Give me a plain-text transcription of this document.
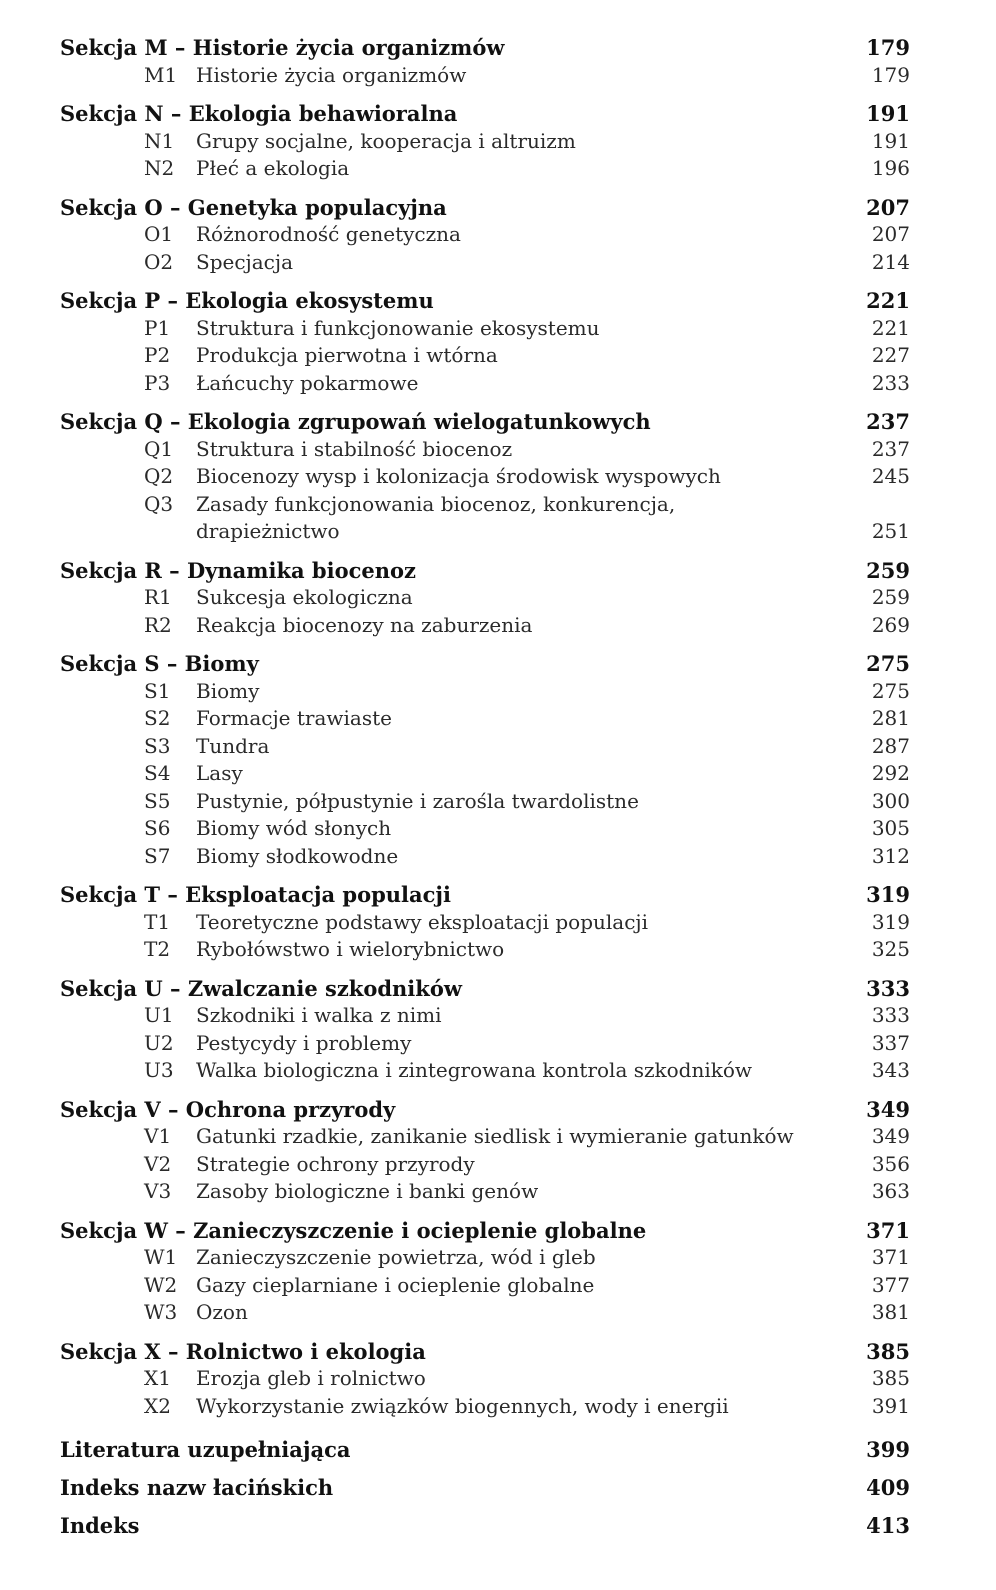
Sekcja M – Historie życia organizmów	179
M1 Historie życia organizmów	179
Sekcja N – Ekologia behawioralna	191
N1	Grupy socjalne, kooperacja i altruizm	191
N2	Płeć a ekologia	196
Sekcja O – Genetyka populacyjna	207
O1	Różnorodność genetyczna	207
O2	Specjacja	214
Sekcja P – Ekologia ekosystemu	221
P1	Struktura i funkcjonowanie ekosystemu	221
P2	Produkcja pierwotna i wtórna	227
P3	Łańcuchy pokarmowe	233
Sekcja Q – Ekologia zgrupowań wielogatunkowych	237
Q1	Struktura i stabilność biocenoz	237
Q2	Biocenozy wysp i kolonizacja środowisk wyspowych	245
Q3	Zasady funkcjonowania biocenoz, konkurencja,
drapieżnictwo	251
Sekcja R – Dynamika biocenoz	259
R1	Sukcesja ekologiczna	259
R2	Reakcja biocenozy na zaburzenia	269
Sekcja S – Biomy	275
S1	Biomy	275
S2	Formacje trawiaste	281
S3	Tundra	287
S4	Lasy	292
S5	Pustynie, półpustynie i zarośla twardolistne	300
S6	Biomy wód słonych	305
S7	Biomy słodkowodne	312
Sekcja T – Eksploatacja populacji	319
T1	Teoretyczne podstawy eksploatacji populacji	319
T2	Rybołówstwo i wielorybnictwo	325
Sekcja U – Zwalczanie szkodników	333
U1	Szkodniki i walka z nimi	333
U2	Pestycydy i problemy	337
U3	Walka biologiczna i zintegrowana kontrola szkodników	343
Sekcja V – Ochrona przyrody	349
V1	Gatunki rzadkie, zanikanie siedlisk i wymieranie gatunków	349
V2	Strategie ochrony przyrody	356
V3	Zasoby biologiczne i banki genów	363
Sekcja W – Zanieczyszczenie i ocieplenie globalne	371
W1 Zanieczyszczenie powietrza, wód i gleb	371
W2 Gazy cieplarniane i ocieplenie globalne	377
W3 Ozon	381
Sekcja X – Rolnictwo i ekologia	385
X1	Erozja gleb i rolnictwo	385
X2	Wykorzystanie związków biogennych, wody i energii	391
Literatura uzupełniająca	399
Indeks nazw łacińskich	409
Indeks	413
